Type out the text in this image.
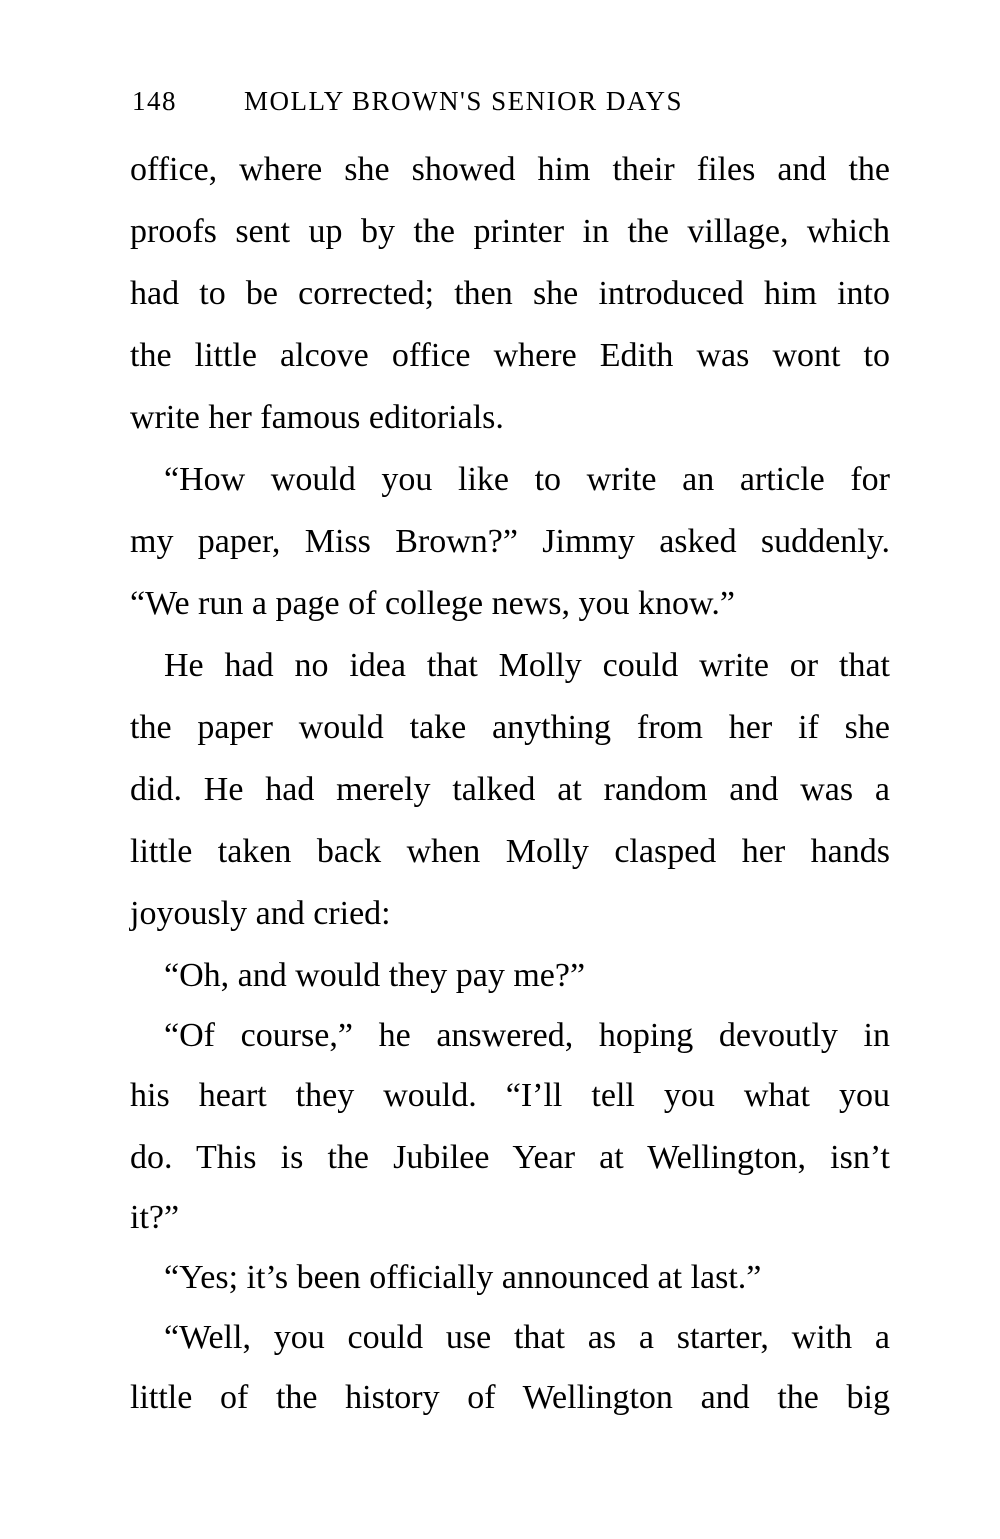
148 MOLLY BROWN'S SENIOR DAYS
office, where she showed him their files and the
proofs sent up by the printer in the village, which
had to be corrected; then she introduced him into
the little alcove office where Edith was wont to
write her famous editorials.
“How would you like to write an article for
my paper, Miss Brown?” Jimmy asked suddenly.
“We run a page of college news, you know.”
He had no idea that Molly could write or that
the paper would take anything from her if she
did. He had merely talked at random and was a
little taken back when Molly clasped her hands
joyously and cried:
“Oh, and would they pay me?”
“Of course,” he answered, hoping devoutly in
his heart they would. “I’ll tell you what you
do. This is the Jubilee Year at Wellington, isn’t
it?”
“Yes; it’s been officially announced at last.”
“Well, you could use that as a starter, with a
little of the history of Wellington and the big
